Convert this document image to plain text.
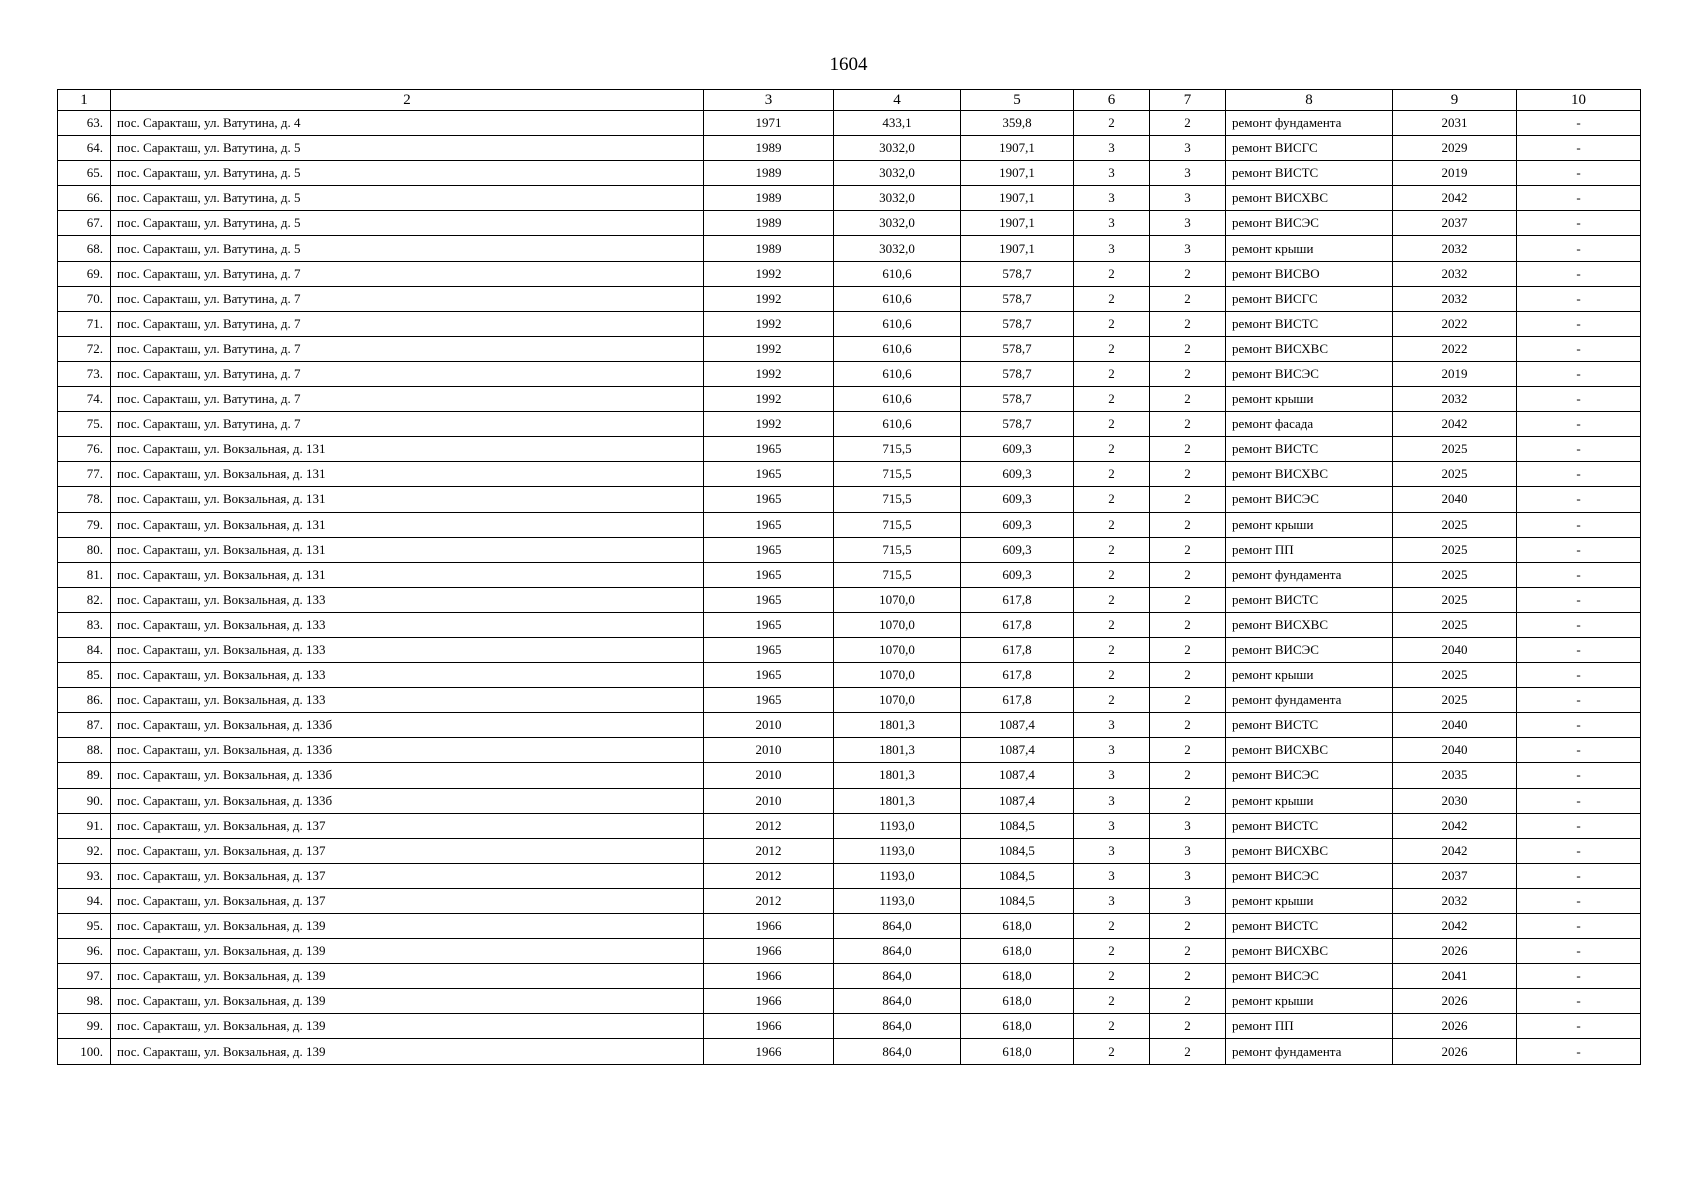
1604
1	2	3	4	5	6	7	8	9	10
63.	пос. Саракташ, ул. Ватутина, д. 4	1971	433,1	359,8	2	2	ремонт фундамента	2031	-
64.	пос. Саракташ, ул. Ватутина, д. 5	1989	3032,0	1907,1	3	3	ремонт ВИСГС	2029	-
65.	пос. Саракташ, ул. Ватутина, д. 5	1989	3032,0	1907,1	3	3	ремонт ВИСТС	2019	-
66.	пос. Саракташ, ул. Ватутина, д. 5	1989	3032,0	1907,1	3	3	ремонт ВИСХВС	2042	-
67.	пос. Саракташ, ул. Ватутина, д. 5	1989	3032,0	1907,1	3	3	ремонт ВИСЭС	2037	-
68.	пос. Саракташ, ул. Ватутина, д. 5	1989	3032,0	1907,1	3	3	ремонт крыши	2032	-
69.	пос. Саракташ, ул. Ватутина, д. 7	1992	610,6	578,7	2	2	ремонт ВИСВО	2032	-
70.	пос. Саракташ, ул. Ватутина, д. 7	1992	610,6	578,7	2	2	ремонт ВИСГС	2032	-
71.	пос. Саракташ, ул. Ватутина, д. 7	1992	610,6	578,7	2	2	ремонт ВИСТС	2022	-
72.	пос. Саракташ, ул. Ватутина, д. 7	1992	610,6	578,7	2	2	ремонт ВИСХВС	2022	-
73.	пос. Саракташ, ул. Ватутина, д. 7	1992	610,6	578,7	2	2	ремонт ВИСЭС	2019	-
74.	пос. Саракташ, ул. Ватутина, д. 7	1992	610,6	578,7	2	2	ремонт крыши	2032	-
75.	пос. Саракташ, ул. Ватутина, д. 7	1992	610,6	578,7	2	2	ремонт фасада	2042	-
76.	пос. Саракташ, ул. Вокзальная, д. 131	1965	715,5	609,3	2	2	ремонт ВИСТС	2025	-
77.	пос. Саракташ, ул. Вокзальная, д. 131	1965	715,5	609,3	2	2	ремонт ВИСХВС	2025	-
78.	пос. Саракташ, ул. Вокзальная, д. 131	1965	715,5	609,3	2	2	ремонт ВИСЭС	2040	-
79.	пос. Саракташ, ул. Вокзальная, д. 131	1965	715,5	609,3	2	2	ремонт крыши	2025	-
80.	пос. Саракташ, ул. Вокзальная, д. 131	1965	715,5	609,3	2	2	ремонт ПП	2025	-
81.	пос. Саракташ, ул. Вокзальная, д. 131	1965	715,5	609,3	2	2	ремонт фундамента	2025	-
82.	пос. Саракташ, ул. Вокзальная, д. 133	1965	1070,0	617,8	2	2	ремонт ВИСТС	2025	-
83.	пос. Саракташ, ул. Вокзальная, д. 133	1965	1070,0	617,8	2	2	ремонт ВИСХВС	2025	-
84.	пос. Саракташ, ул. Вокзальная, д. 133	1965	1070,0	617,8	2	2	ремонт ВИСЭС	2040	-
85.	пос. Саракташ, ул. Вокзальная, д. 133	1965	1070,0	617,8	2	2	ремонт крыши	2025	-
86.	пос. Саракташ, ул. Вокзальная, д. 133	1965	1070,0	617,8	2	2	ремонт фундамента	2025	-
87.	пос. Саракташ, ул. Вокзальная, д. 133б	2010	1801,3	1087,4	3	2	ремонт ВИСТС	2040	-
88.	пос. Саракташ, ул. Вокзальная, д. 133б	2010	1801,3	1087,4	3	2	ремонт ВИСХВС	2040	-
89.	пос. Саракташ, ул. Вокзальная, д. 133б	2010	1801,3	1087,4	3	2	ремонт ВИСЭС	2035	-
90.	пос. Саракташ, ул. Вокзальная, д. 133б	2010	1801,3	1087,4	3	2	ремонт крыши	2030	-
91.	пос. Саракташ, ул. Вокзальная, д. 137	2012	1193,0	1084,5	3	3	ремонт ВИСТС	2042	-
92.	пос. Саракташ, ул. Вокзальная, д. 137	2012	1193,0	1084,5	3	3	ремонт ВИСХВС	2042	-
93.	пос. Саракташ, ул. Вокзальная, д. 137	2012	1193,0	1084,5	3	3	ремонт ВИСЭС	2037	-
94.	пос. Саракташ, ул. Вокзальная, д. 137	2012	1193,0	1084,5	3	3	ремонт крыши	2032	-
95.	пос. Саракташ, ул. Вокзальная, д. 139	1966	864,0	618,0	2	2	ремонт ВИСТС	2042	-
96.	пос. Саракташ, ул. Вокзальная, д. 139	1966	864,0	618,0	2	2	ремонт ВИСХВС	2026	-
97.	пос. Саракташ, ул. Вокзальная, д. 139	1966	864,0	618,0	2	2	ремонт ВИСЭС	2041	-
98.	пос. Саракташ, ул. Вокзальная, д. 139	1966	864,0	618,0	2	2	ремонт крыши	2026	-
99.	пос. Саракташ, ул. Вокзальная, д. 139	1966	864,0	618,0	2	2	ремонт ПП	2026	-
100.	пос. Саракташ, ул. Вокзальная, д. 139	1966	864,0	618,0	2	2	ремонт фундамента	2026	-
